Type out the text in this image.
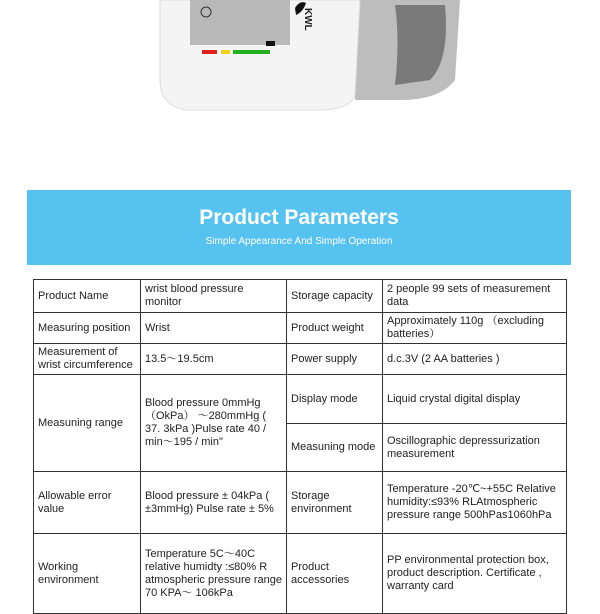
KWL
Product Parameters

Simple Appearance And Simple Operation

Product Name	wrist blood pressure monitor	Storage capacity	2 people 99 sets of measurement data
Measuring position	Wrist	Product weight	Approximately 110g （excluding batteries）
Measurement of wrist circumference	13.5～19.5cm	Power supply	d.c.3V (2 AA batteries )
Measuning range	Blood pressure 0mmHg （OkPa） ～280mmHg ( 37. 3kPa )Pulse rate 40 / min～195 / min"	Display mode	Liquid crystal digital display
		Measuning mode	Oscillographic depressurization measurement
Allowable error value	Blood pressure ± 04kPa ( ±3mmHg) Pulse rate ± 5%	Storage environment	Temperature -20℃~+55C Relative humidity:≤93% RLAtmospheric pressure range 500hPas1060hPa
Working environment	Temperature 5C～40C relative humidty :≤80% R atmospheric pressure range 70 KPA～ 106kPa	Product accessories	PP environmental protection box, product description. Certificate , warranty card
